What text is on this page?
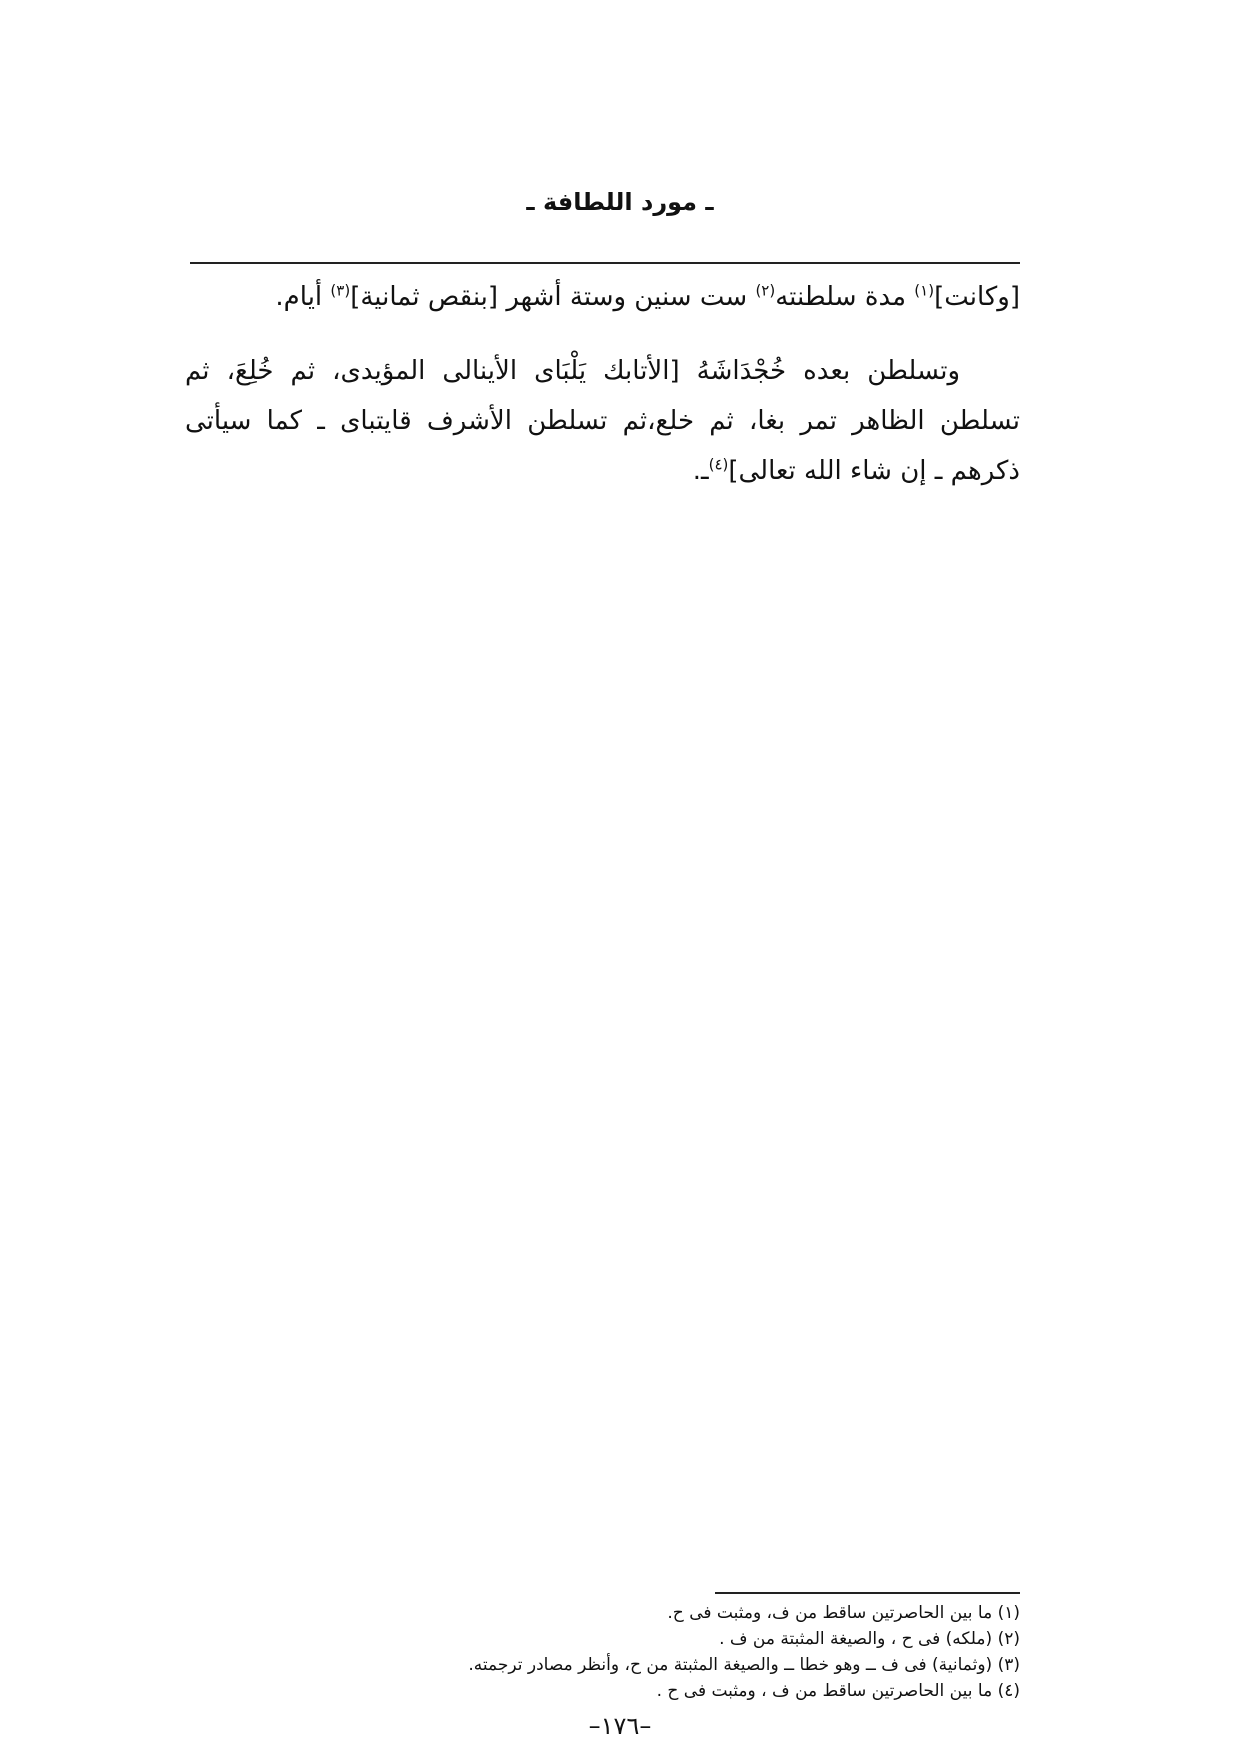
ـ مورد اللطافة ـ

[وكانت]$^{(١)}$ مدة سلطنته$^{(٢)}$ ست سنين وستة أشهر [بنقص ثمانية]$^{(٣)}$ أيام.

وتسلطن بعده خُجْدَاشَهُ [الأتابك يَلْبَاى الأينالى المؤيدى، ثم خُلِعَ، ثم تسلطن الظاهر تمر بغا، ثم خلع،ثم تسلطن الأشرف قايتباى ـ كما سيأتى ذكرهم ـ إن شاء الله تعالى]$^{(٤)}$ـ.

(١) ما بين الحاصرتين ساقط من ف، ومثبت فى ح.
(٢) (ملكه) فى ح ، والصيغة المثبتة من ف .
(٣) (وثمانية) فى ف ــ وهو خطا ــ والصيغة المثبتة من ح، وأنظر مصادر ترجمته.
(٤) ما بين الحاصرتين ساقط من ف ، ومثبت فى ح .
–١٧٦–
